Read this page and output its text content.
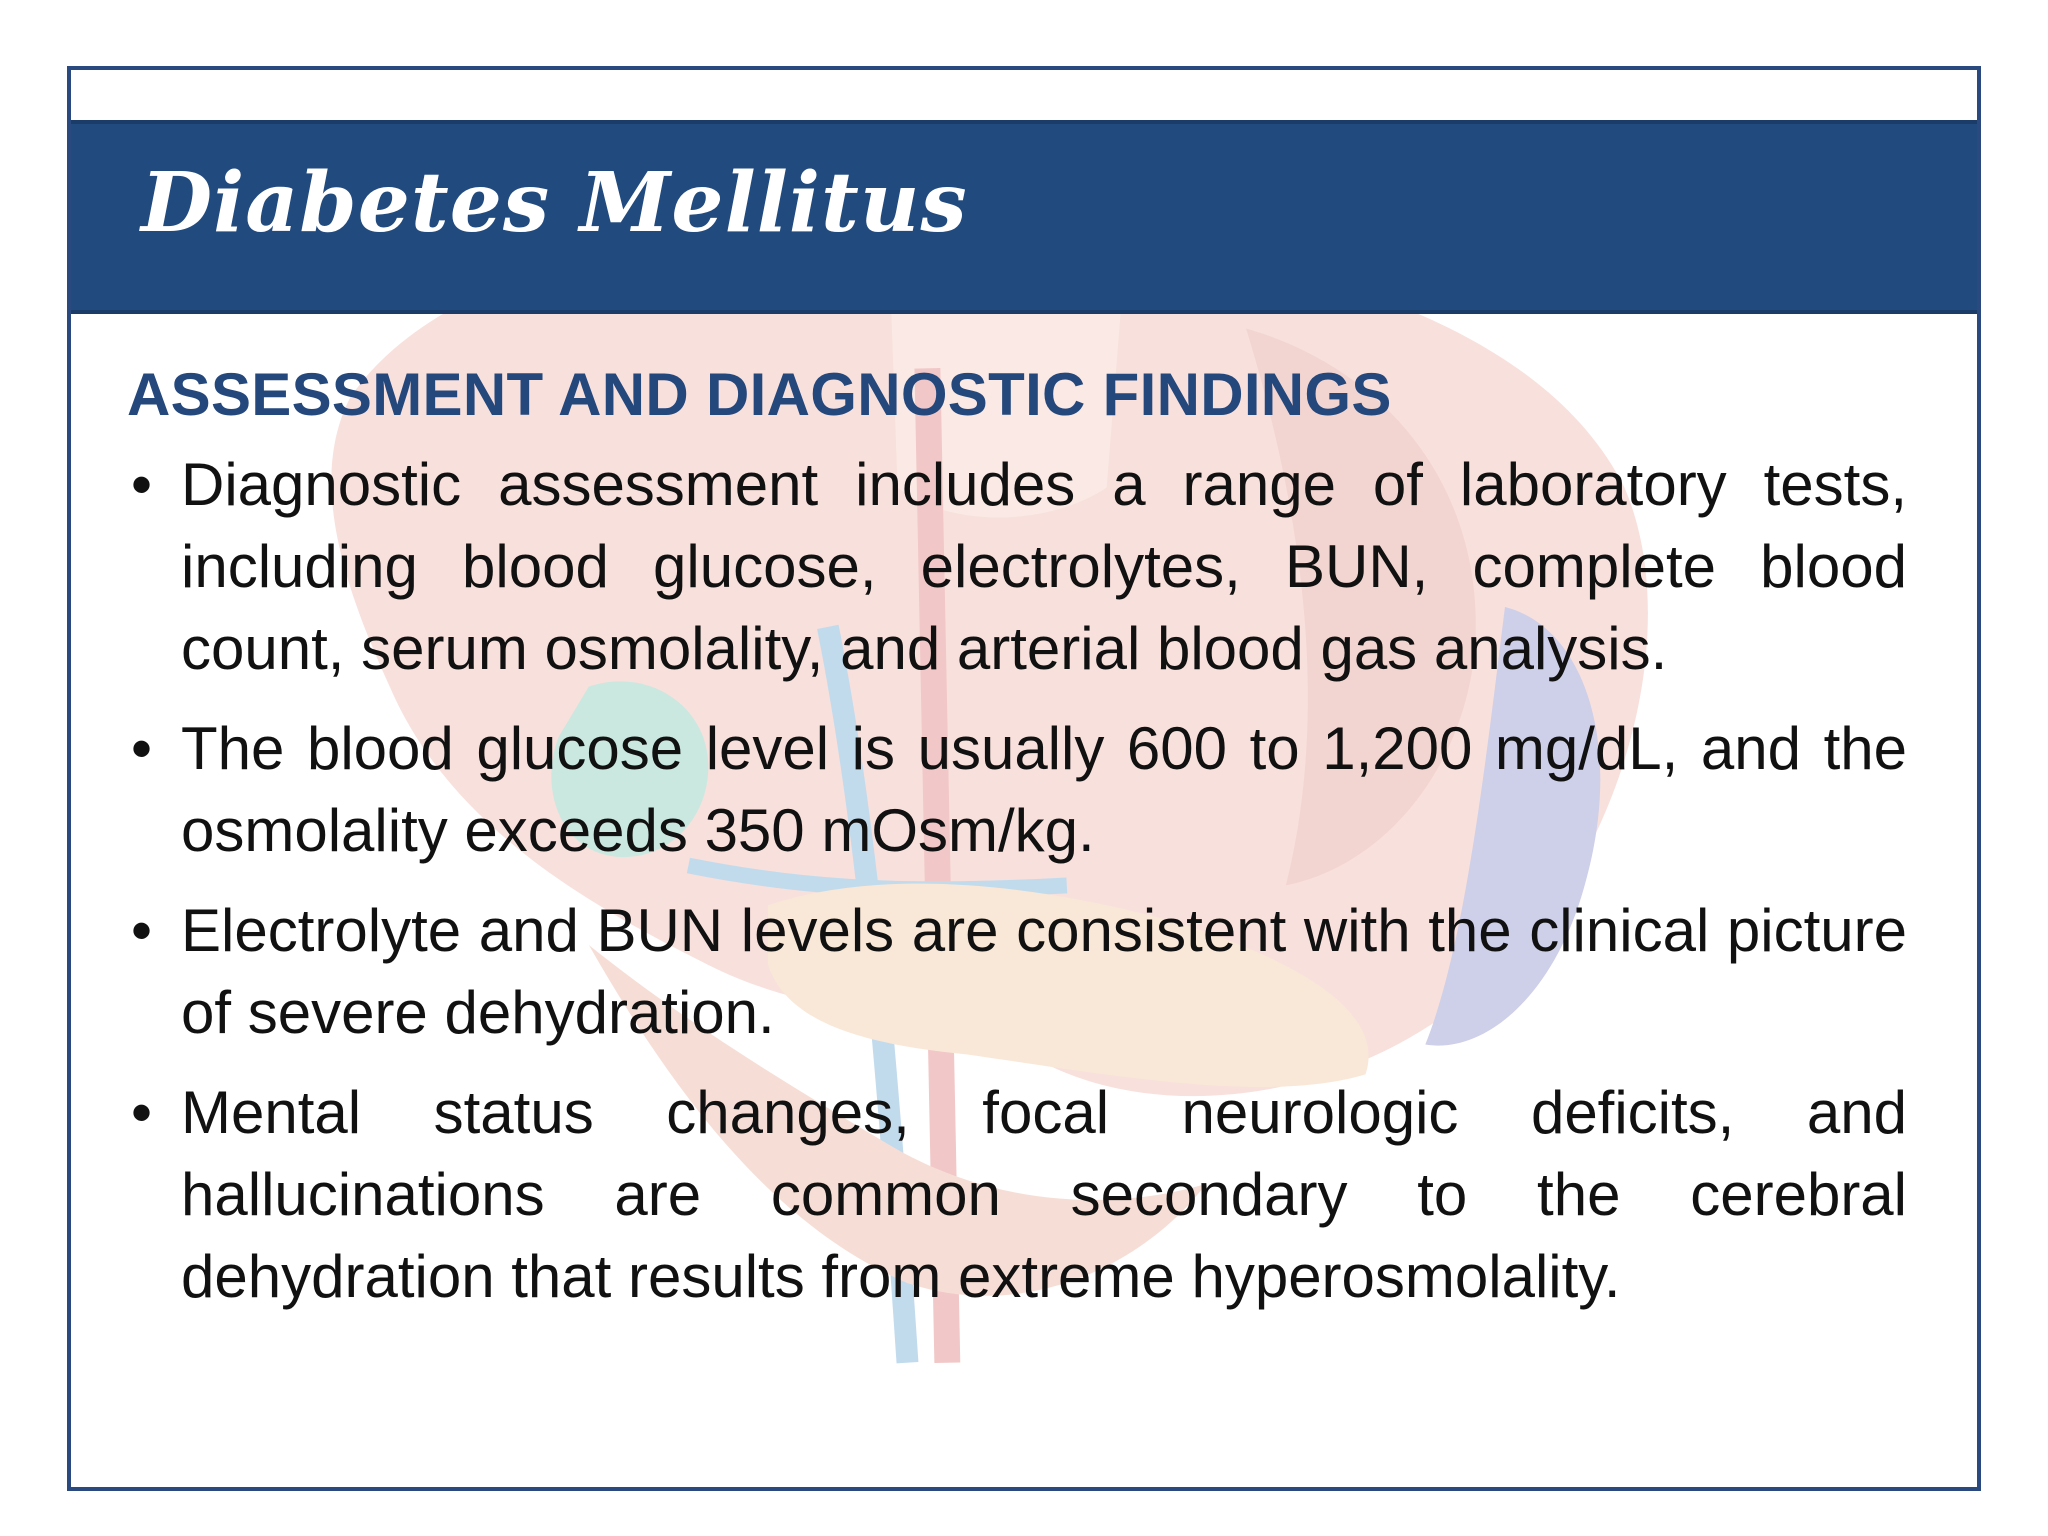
Diabetes Mellitus
ASSESSMENT AND DIAGNOSTIC FINDINGS
• Diagnostic assessment includes a range of laboratory tests, including blood glucose, electrolytes, BUN, complete blood count, serum osmolality, and arterial blood gas analysis.
• The blood glucose level is usually 600 to 1,200 mg/dL, and the osmolality exceeds 350 mOsm/kg.
• Electrolyte and BUN levels are consistent with the clinical picture of severe dehydration.
• Mental status changes, focal neurologic deficits, and hallucinations are common secondary to the cerebral dehydration that results from extreme hyperosmolality.
